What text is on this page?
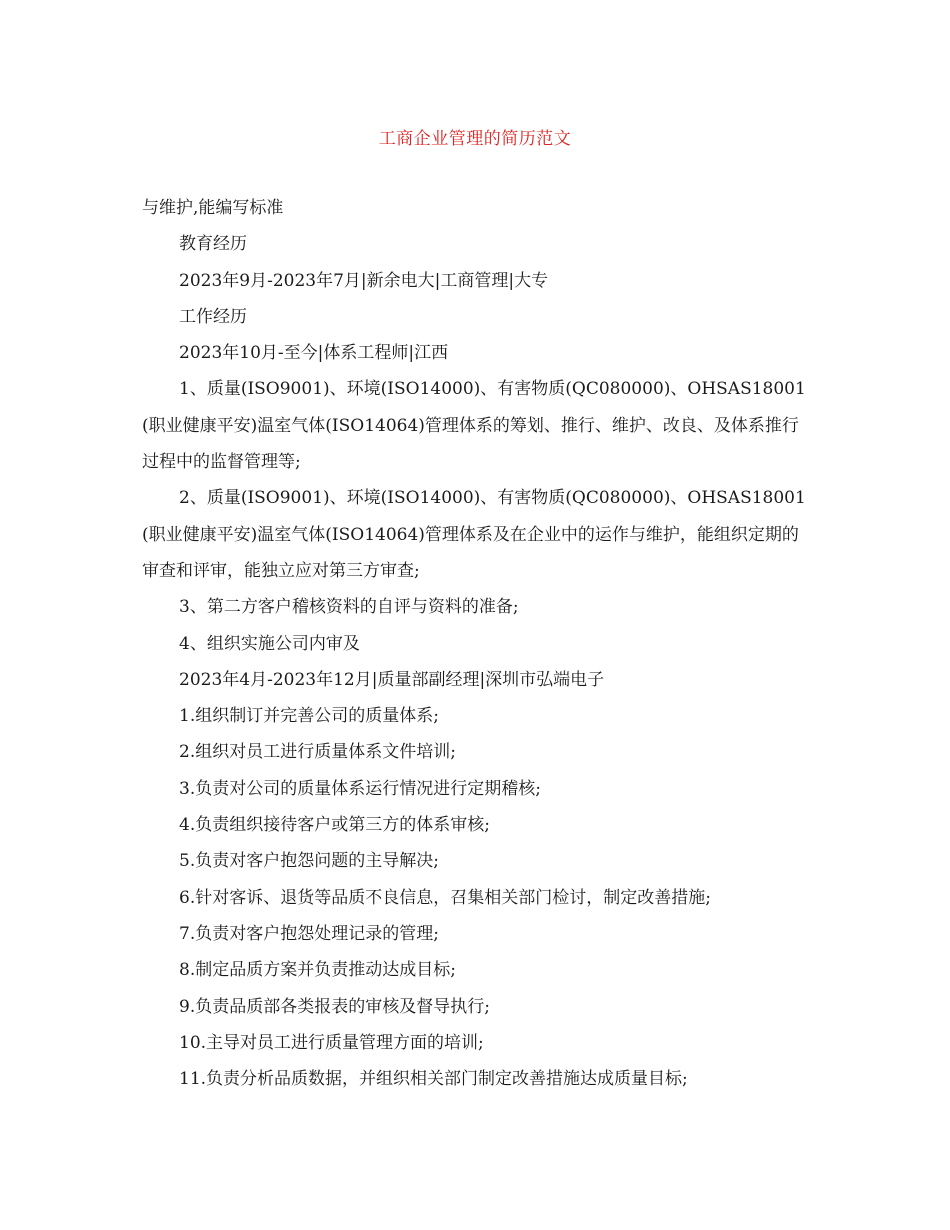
工商企业管理的简历范文

与维护,能编写标准

教育经历

2023年9月-2023年7月|新余电大|工商管理|大专

工作经历

2023年10月-至今|体系工程师|江西

1、质量(ISO9001)、环境(ISO14000)、有害物质(QC080000)、OHSAS18001(职业健康平安)温室气体(ISO14064)管理体系的筹划、推行、维护、改良、及体系推行过程中的监督管理等;

2、质量(ISO9001)、环境(ISO14000)、有害物质(QC080000)、OHSAS18001(职业健康平安)温室气体(ISO14064)管理体系及在企业中的运作与维护，能组织定期的审查和评审，能独立应对第三方审查;

3、第二方客户稽核资料的自评与资料的准备;

4、组织实施公司内审及

2023年4月-2023年12月|质量部副经理|深圳市弘端电子

1.组织制订并完善公司的质量体系;

2.组织对员工进行质量体系文件培训;

3.负责对公司的质量体系运行情况进行定期稽核;

4.负责组织接待客户或第三方的体系审核;

5.负责对客户抱怨问题的主导解决;

6.针对客诉、退货等品质不良信息，召集相关部门检讨，制定改善措施;

7.负责对客户抱怨处理记录的管理;

8.制定品质方案并负责推动达成目标;

9.负责品质部各类报表的审核及督导执行;

10.主导对员工进行质量管理方面的培训;

11.负责分析品质数据，并组织相关部门制定改善措施达成质量目标;
